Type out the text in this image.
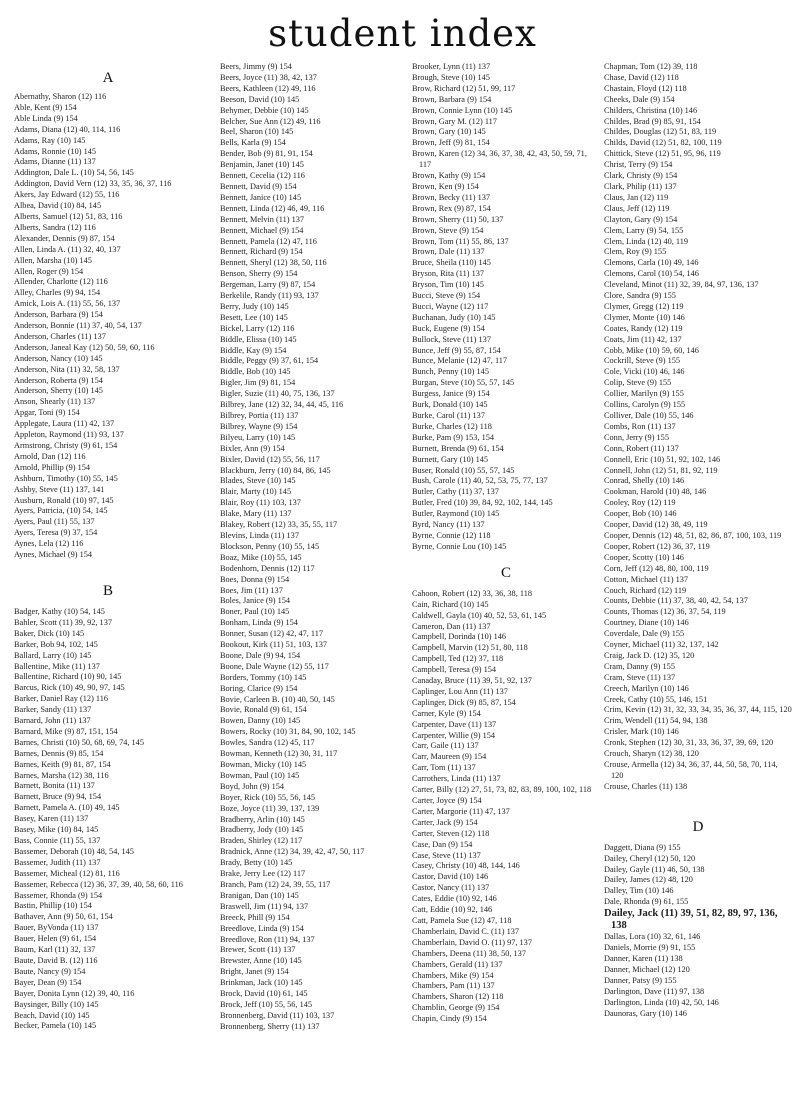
student index
A
Abernathy, Sharon (12) 116
Able, Kent (9) 154
Able Linda (9) 154
Adams, Diana (12) 40, 114, 116
Adams, Ray (10) 145
Adams, Ronnie (10) 145
Adams, Dianne (11) 137
Addington, Dale L. (10) 54, 56, 145
Addington, David Vern (12) 33, 35, 36, 37, 116
Akers, Jay Edward (12) 55, 116
Albea, David (10) 84, 145
Alberts, Samuel (12) 51, 83, 116
Alberts, Sandra (12) 116
Alexander, Dennis (9) 87, 154
Allen, Linda A. (11) 32, 40, 137
Allen, Marsha (10) 145
Allen, Roger (9) 154
Allender, Charlotte (12) 116
Alley, Charles (9) 94, 154
Amick, Lois A. (11) 55, 56, 137
Anderson, Barbara (9) 154
Anderson, Bonnie (11) 37, 40, 54, 137
Anderson, Charles (11) 137
Anderson, Janeal Kay (12) 50, 59, 60, 116
Anderson, Nancy (10) 145
Anderson, Nita (11) 32, 58, 137
Anderson, Roberta (9) 154
Anderson, Sherry (10) 145
Anson, Shearly (11) 137
Apgar, Toni (9) 154
Applegate, Laura (11) 42, 137
Appleton, Raymond (11) 93, 137
Armstrong, Christy (9) 61, 154
Arnold, Dan (12) 116
Arnold, Phillip (9) 154
Ashburn, Timothy (10) 55, 145
Ashby, Steve (11) 137, 141
Ausburn, Ronald (10) 97, 145
Ayers, Patricia, (10) 54, 145
Ayers, Paul (11) 55, 137
Ayers, Teresa (9) 37, 154
Aynes, Lela (12) 116
Aynes, Michael (9) 154
B
Badger, Kathy (10) 54, 145
Bahler, Scott (11) 39, 92, 137
Baker, Dick (10) 145
Barker, Bob 94, 102, 145
Ballard, Larry (10) 145
Ballentine, Mike (11) 137
Ballentine, Richard (10) 90, 145
Barcus, Rick (10) 49, 90, 97, 145
Barker, Daniel Ray (12) 116
Barker, Sandy (11) 137
Barnard, John (11) 137
Barnard, Mike (9) 87, 151, 154
Barnes, Christi (10) 50, 68, 69, 74, 145
Barnes, Dennis (9) 85, 154
Barnes, Keith (9) 81, 87, 154
Barnes, Marsha (12) 38, 116
Barnett, Bonita (11) 137
Barnett, Bruce (9) 94, 154
Barnett, Pamela A. (10) 49, 145
Basey, Karen (11) 137
Basey, Mike (10) 84, 145
Bass, Connie (11) 55, 137
Bassemer, Deborah (10) 48, 54, 145
Bassemer, Judith (11) 137
Bassemer, Micheal (12) 81, 116
Bassemer, Rebecca (12) 36, 37, 39, 40, 58, 60, 116
Bassemer, Rhonda (9) 154
Bastin, Phillip (10) 154
Bathaver, Ann (9) 50, 61, 154
Bauer, ByVonda (11) 137
Bauer, Helen (9) 61, 154
Baum, Karl (11) 32, 137
Baute, David B. (12) 116
Baute, Nancy (9) 154
Bayer, Dean (9) 154
Bayer, Donita Lynn (12) 39, 40, 116
Baysinger, Billy (10) 145
Beach, David (10) 145
Becker, Pamela (10) 145
Beers, Jimmy (9) 154
Beers, Joyce (11) 38, 42, 137
Beers, Kathleen (12) 49, 116
Beeson, David (10) 145
Behymer, Debbie (10) 145
Belcher, Sue Ann (12) 49, 116
Beel, Sharon (10) 145
Bells, Karla (9) 154
Bender, Bob (9) 81, 91, 154
Benjamin, Janet (10) 145
Bennett, Cecelia (12) 116
Bennett, David (9) 154
Bennett, Janice (10) 145
Bennett, Linda (12) 46, 49, 116
Bennett, Melvin (11) 137
Bennett, Michael (9) 154
Bennett, Pamela (12) 47, 116
Bennett, Richard (9) 154
Bennett, Sheryl (12) 38, 50, 116
Benson, Sherry (9) 154
Bergeman, Larry (9) 87, 154
Berkelile, Randy (11) 93, 137
Berry, Judy (10) 145
Besett, Lee (10) 145
Bickel, Larry (12) 116
Biddle, Elissa (10) 145
Biddle, Kay (9) 154
Biddle, Peggy (9) 37, 61, 154
Biddle, Bob (10) 145
Bigler, Jim (9) 81, 154
Bigler, Suzie (11) 40, 75, 136, 137
Bilbrey, Jane (12) 32, 34, 44, 45, 116
Bilbrey, Portia (11) 137
Bilbrey, Wayne (9) 154
Bilyeu, Larry (10) 145
Bixler, Ann (9) 154
Bixler, David (12) 55, 56, 117
Blackburn, Jerry (10) 84, 86, 145
Blades, Steve (10) 145
Blair, Marty (10) 145
Blair, Roy (11) 103, 137
Blake, Mary (11) 137
Blakey, Robert (12) 33, 35, 55, 117
Blevins, Linda (11) 137
Blockson, Penny (10) 55, 145
Boaz, Mike (10) 55, 145
Bodenhorn, Dennis (12) 117
Boes, Donna (9) 154
Boes, Jim (11) 137
Boles, Janice (9) 154
Boner, Paul (10) 145
Bonham, Linda (9) 154
Bonner, Susan (12) 42, 47, 117
Bookout, Kirk (11) 51, 103, 137
Boone, Dale (9) 94, 154
Boone, Dale Wayne (12) 55, 117
Borders, Tommy (10) 145
Boring, Clarice (9) 154
Bovie, Carleen B. (10) 40, 50, 145
Bovie, Ronald (9) 61, 154
Bowen, Danny (10) 145
Bowers, Rocky (10) 31, 84, 90, 102, 145
Bowles, Sandra (12) 45, 117
Bowman, Kenneth (12) 30, 31, 117
Bowman, Micky (10) 145
Bowman, Paul (10) 145
Boyd, John (9) 154
Boyer, Rick (10) 55, 56, 145
Boze, Joyce (11) 39, 137, 139
Bradberry, Arlin (10) 145
Bradberry, Jody (10) 145
Braden, Shirley (12) 117
Bradnick, Anne (12) 34, 39, 42, 47, 50, 117
Brady, Betty (10) 145
Brake, Jerry Lee (12) 117
Branch, Pam (12) 24, 39, 55, 117
Branigan, Dan (10) 145
Braswell, Jim (11) 94, 137
Breeck, Phill (9) 154
Breedlove, Linda (9) 154
Breedlove, Ron (11) 94, 137
Brewer, Scott (11) 137
Brewster, Anne (10) 145
Bright, Janet (9) 154
Brinkman, Jack (10) 145
Brock, David (10) 61, 145
Brock, Jeff (10) 55, 56, 145
Bronnenberg, David (11) 103, 137
Bronnenberg, Sherry (11) 137
Brooker, Lynn (11) 137
Brough, Steve (10) 145
Brow, Richard (12) 51, 99, 117
Brown, Barbara (9) 154
Brown, Connie Lynn (10) 145
Brown, Gary M. (12) 117
Brown, Gary (10) 145
Brown, Jeff (9) 81, 154
Brown, Karen (12) 34, 36, 37, 38, 42, 43, 50, 59, 71, 117
Brown, Kathy (9) 154
Brown, Ken (9) 154
Brown, Becky (11) 137
Brown, Rex (9) 87, 154
Brown, Sherry (11) 50, 137
Brown, Steve (9) 154
Brown, Tom (11) 55, 86, 137
Brown, Dale (11) 137
Bruce, Sheila (110) 145
Bryson, Rita (11) 137
Bryson, Tim (10) 145
Bucci, Steve (9) 154
Bucci, Wayne (12) 117
Buchanan, Judy (10) 145
Buck, Eugene (9) 154
Bullock, Steve (11) 137
Bunce, Jeff (9) 55, 87, 154
Bunce, Melanie (12) 47, 117
Bunch, Penny (10) 145
Burgan, Steve (10) 55, 57, 145
Burgess, Janice (9) 154
Burk, Donald (10) 145
Burke, Carol (11) 137
Burke, Charles (12) 118
Burke, Pam (9) 153, 154
Burnett, Brenda (9) 61, 154
Burnett, Gary (10) 145
Buser, Ronald (10) 55, 57, 145
Bush, Carole (11) 40, 52, 53, 75, 77, 137
Butler, Cathy (11) 37, 137
Butler, Fred (10) 39, 84, 92, 102, 144, 145
Butler, Raymond (10) 145
Byrd, Nancy (11) 137
Byrne, Connie (12) 118
Byrne, Connie Lou (10) 145
C
Cahoon, Robert (12) 33, 36, 38, 118
Cain, Richard (10) 145
Caldwell, Gayla (10) 40, 52, 53, 61, 145
Cameron, Dan (11) 137
Campbell, Dorinda (10) 146
Campbell, Marvin (12) 51, 80, 118
Campbell, Ted (12) 37, 118
Campbell, Teresa (9) 154
Canaday, Bruce (11) 39, 51, 92, 137
Caplinger, Lou Ann (11) 137
Caplinger, Dick (9) 85, 87, 154
Carner, Kyle (9) 154
Carpenter, Dave (11) 137
Carpenter, Willie (9) 154
Carr, Gaile (11) 137
Carr, Maureen (9) 154
Carr, Tom (11) 137
Carrothers, Linda (11) 137
Carter, Billy (12) 27, 51, 73, 82, 83, 89, 100, 102, 118
Carter, Joyce (9) 154
Carter, Margorie (11) 47, 137
Carter, Jack (9) 154
Carter, Steven (12) 118
Case, Dan (9) 154
Case, Steve (11) 137
Casey, Christy (10) 48, 144, 146
Castor, David (10) 146
Castor, Nancy (11) 137
Cates, Eddie (10) 92, 146
Catt, Eddie (10) 92, 146
Catt, Pamela Sue (12) 47, 118
Chamberlain, David C. (11) 137
Chamberlain, David O. (11) 97, 137
Chambers, Deena (11) 38, 50, 137
Chambers, Gerald (11) 137
Chambers, Mike (9) 154
Chambers, Pam (11) 137
Chambers, Sharon (12) 118
Chamblin, George (9) 154
Chapin, Cindy (9) 154
Chapman, Tom (12) 39, 118
Chase, David (12) 118
Chastain, Floyd (12) 118
Cheeks, Dale (9) 154
Childers, Christina (10) 146
Childes, Brad (9) 85, 91, 154
Childes, Douglas (12) 51, 83, 119
Childs, David (12) 51, 82, 100, 119
Chittick, Steve (12) 51, 95, 96, 119
Christ, Terry (9) 154
Clark, Christy (9) 154
Clark, Philip (11) 137
Claus, Jan (12) 119
Claus, Jeff (12) 119
Clayton, Gary (9) 154
Clem, Larry (9) 54, 155
Clem, Linda (12) 40, 119
Clem, Roy (9) 155
Clemons, Carla (10) 49, 146
Clemons, Carol (10) 54, 146
Cleveland, Minot (11) 32, 39, 84, 97, 136, 137
Clore, Sandra (9) 155
Clymer, Gregg (12) 119
Clymer, Monte (10) 146
Coates, Randy (12) 119
Coats, Jim (11) 42, 137
Cobb, Mike (10) 59, 60, 146
Cockrill, Steve (9) 155
Cole, Vicki (10) 46, 146
Colip, Steve (9) 155
Collier, Marilyn (9) 155
Collins, Carolyn (9) 155
Colliver, Dale (10) 55, 146
Combs, Ron (11) 137
Conn, Jerry (9) 155
Conn, Robert (11) 137
Connell, Eric (10) 51, 92, 102, 146
Connell, John (12) 51, 81, 92, 119
Conrad, Shelly (10) 146
Cookman, Harold (10) 48, 146
Cooley, Roy (12) 119
Cooper, Bob (10) 146
Cooper, David (12) 38, 49, 119
Cooper, Dennis (12) 48, 51, 82, 86, 87, 100, 103, 119
Cooper, Robert (12) 36, 37, 119
Cooper, Scotty (10) 146
Corn, Jeff (12) 48, 80, 100, 119
Cotton, Michael (11) 137
Couch, Richard (12) 119
Counts, Debbie (11) 37, 38, 40, 42, 54, 137
Counts, Thomas (12) 36, 37, 54, 119
Courtney, Diane (10) 146
Coverdale, Dale (9) 155
Coyner, Michael (11) 32, 137, 142
Craig, Jack D. (12) 35, 120
Cram, Danny (9) 155
Cram, Steve (11) 137
Creech, Marilyn (10) 146
Creek, Cathy (10) 55, 146, 151
Crim, Kevin (12) 31, 32, 33, 34, 35, 36, 37, 44, 115, 120
Crim, Wendell (11) 54, 94, 138
Crisler, Mark (10) 146
Cronk, Stephen (12) 30, 31, 33, 36, 37, 39, 69, 120
Crouch, Sharyn (12) 38, 120
Crouse, Armella (12) 34, 36, 37, 44, 50, 58, 70, 114, 120
Crouse, Charles (11) 138
D
Daggett, Diana (9) 155
Dailey, Cheryl (12) 50, 120
Dailey, Gayle (11) 46, 50, 138
Dailey, James (12) 48, 120
Dalley, Tim (10) 146
Dale, Rhonda (9) 61, 155
Dailey, Jack (11) 39, 51, 82, 89, 97, 136, 138
Dallas, Lora (10) 32, 61, 146
Daniels, Morrie (9) 91, 155
Danner, Karen (11) 138
Danner, Michael (12) 120
Danner, Patsy (9) 155
Darlington, Dave (11) 97, 138
Darlington, Linda (10) 42, 50, 146
Daunoras, Gary (10) 146
